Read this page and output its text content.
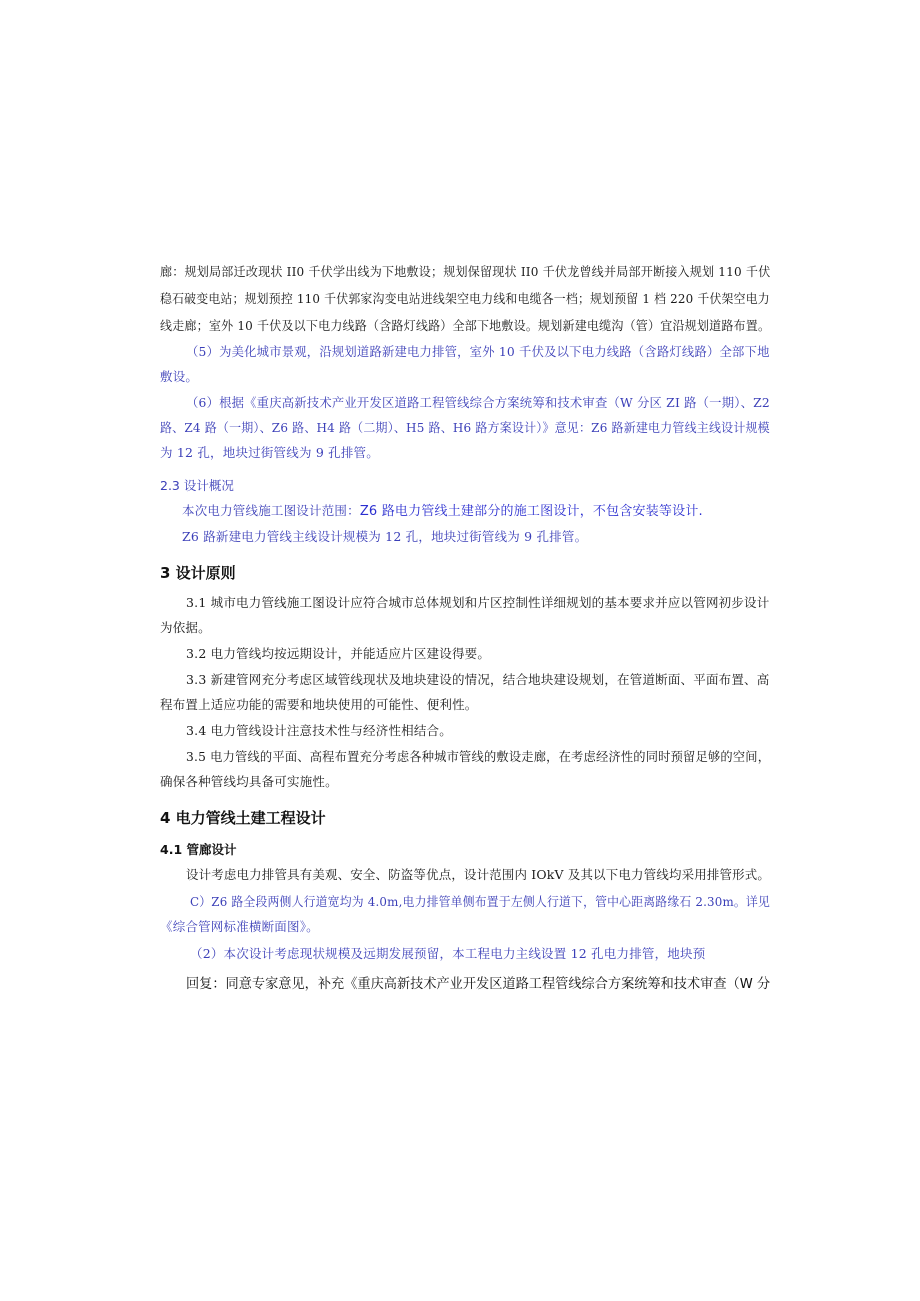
廊：规划局部迁改现状 II0 千伏学出线为下地敷设；规划保留现状 II0 千伏龙曾线并局部开断接入规划 110 千伏
稳石破变电站；规划预控 110 千伏郭家沟变电站进线架空电力线和电缆各一档；规划预留 1 档 220 千伏架空电力
线走廊；室外 10 千伏及以下电力线路（含路灯线路）全部下地敷设。规划新建电缆沟（管）宜沿规划道路布置。
（5）为美化城市景观，沿规划道路新建电力排管，室外 10 千伏及以下电力线路（含路灯线路）全部下地
敷设。
（6）根据《重庆高新技术产业开发区道路工程管线综合方案统筹和技术审查（W 分区 ZI 路（一期）、Z2
路、Z4 路（一期）、Z6 路、H4 路（二期）、H5 路、H6 路方案设计）》意见：Z6 路新建电力管线主线设计规模
为 12 孔，地块过街管线为 9 孔排管。
2.3 设计概况
本次电力管线施工图设计范围：Z6 路电力管线土建部分的施工图设计，不包含安装等设计.
Z6 路新建电力管线主线设计规模为 12 孔，地块过街管线为 9 孔排管。
3 设计原则
3.1 城市电力管线施工图设计应符合城市总体规划和片区控制性详细规划的基本要求并应以管网初步设计
为依据。
3.2 电力管线均按远期设计，并能适应片区建设得要。
3.3 新建管网充分考虑区域管线现状及地块建设的情况，结合地块建设规划，在管道断面、平面布置、高
程布置上适应功能的需要和地块使用的可能性、便利性。
3.4 电力管线设计注意技术性与经济性相结合。
3.5 电力管线的平面、高程布置充分考虑各种城市管线的敷设走廊，在考虑经济性的同时预留足够的空间，
确保各种管线均具备可实施性。
4 电力管线土建工程设计
4.1 管廊设计
设计考虑电力排管具有美观、安全、防盗等优点，设计范围内 IOkV 及其以下电力管线均采用排管形式。
C）Z6 路全段两侧人行道宽均为 4.0m,电力排管单侧布置于左侧人行道下，管中心距离路缘石 2.30m。详见
《综合管网标准横断面图》。
（2）本次设计考虑现状规模及远期发展预留，本工程电力主线设置 12 孔电力排管，地块预
回复：同意专家意见，补充《重庆高新技术产业开发区道路工程管线综合方案统筹和技术审查（W 分
